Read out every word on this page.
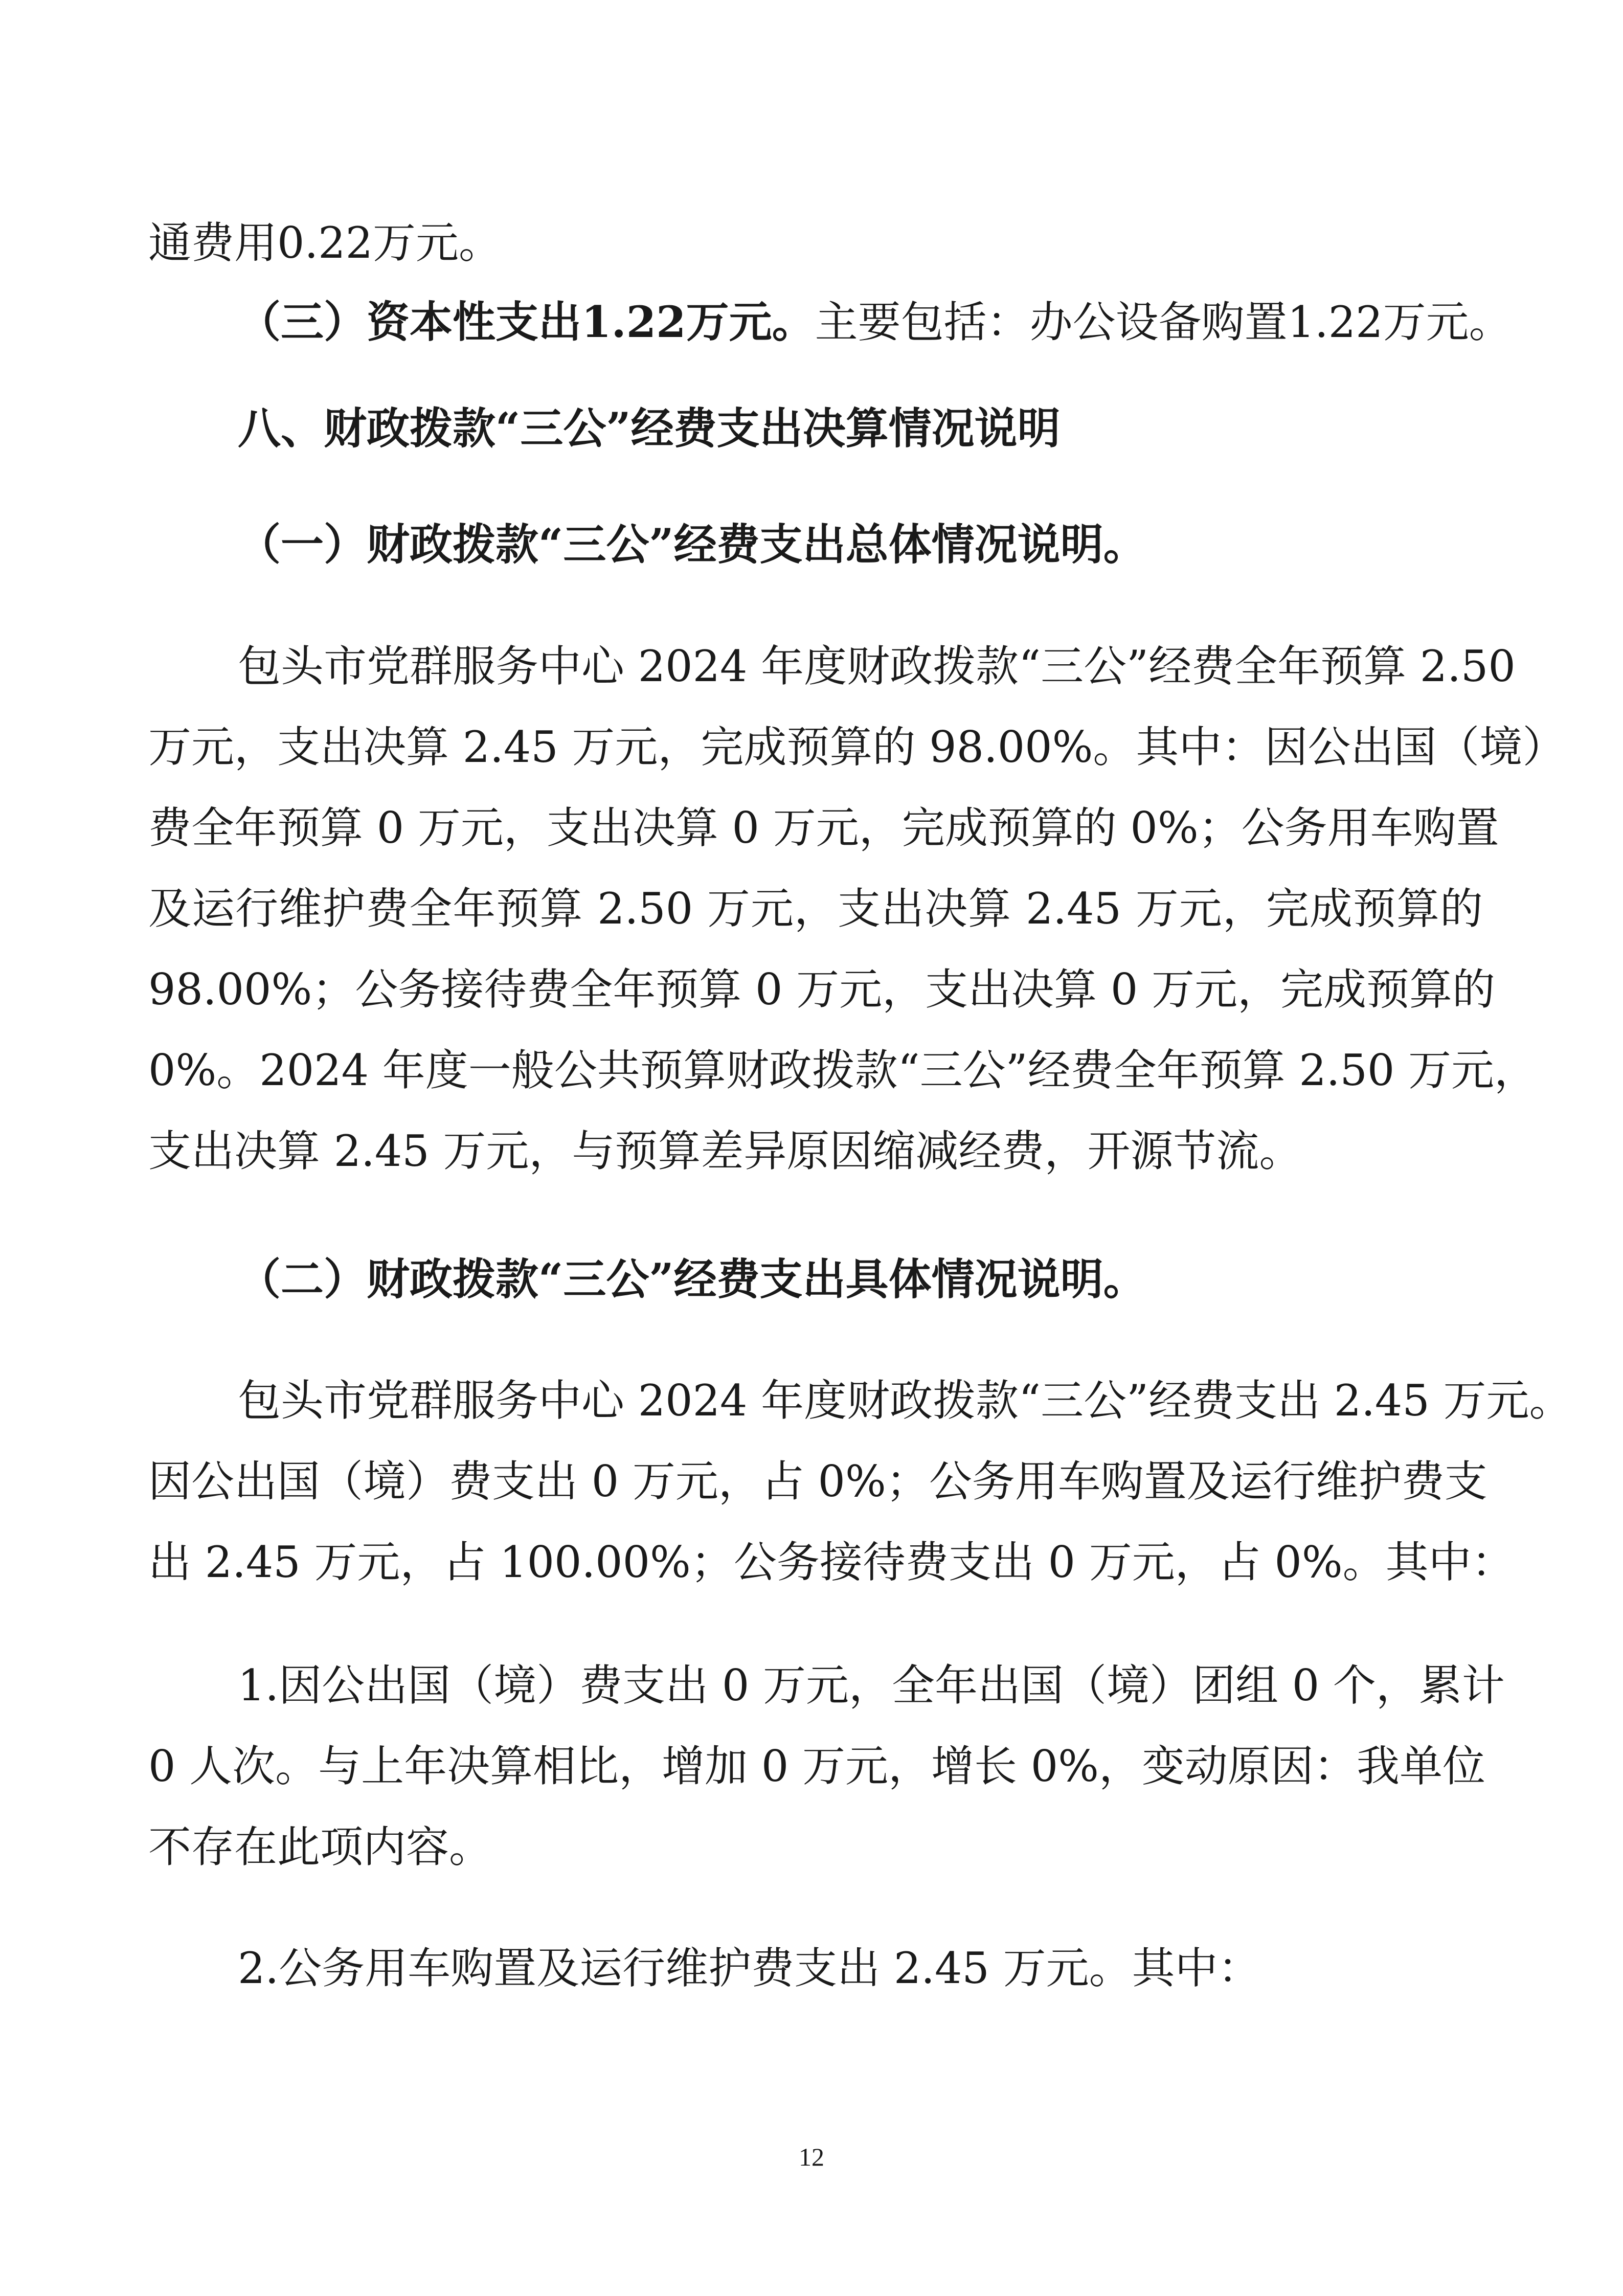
通费用0.22万元。
（三）资本性支出1.22万元。主要包括：办公设备购置1.22万元。
八、财政拨款“三公”经费支出决算情况说明
（一）财政拨款“三公”经费支出总体情况说明。
包头市党群服务中心 2024 年度财政拨款“三公”经费全年预算 2.50
万元，支出决算 2.45 万元，完成预算的 98.00%。其中：因公出国（境）
费全年预算 0 万元，支出决算 0 万元，完成预算的 0%；公务用车购置
及运行维护费全年预算 2.50 万元，支出决算 2.45 万元，完成预算的
98.00%；公务接待费全年预算 0 万元，支出决算 0 万元，完成预算的
0%。2024 年度一般公共预算财政拨款“三公”经费全年预算 2.50 万元，
支出决算 2.45 万元，与预算差异原因缩减经费，开源节流。
（二）财政拨款“三公”经费支出具体情况说明。
包头市党群服务中心 2024 年度财政拨款“三公”经费支出 2.45 万元。
因公出国（境）费支出 0 万元，占 0%；公务用车购置及运行维护费支
出 2.45 万元，占 100.00%；公务接待费支出 0 万元，占 0%。其中：
1.因公出国（境）费支出 0 万元，全年出国（境）团组 0 个，累计
0 人次。与上年决算相比，增加 0 万元，增长 0%，变动原因：我单位
不存在此项内容。
2.公务用车购置及运行维护费支出 2.45 万元。其中：
12
